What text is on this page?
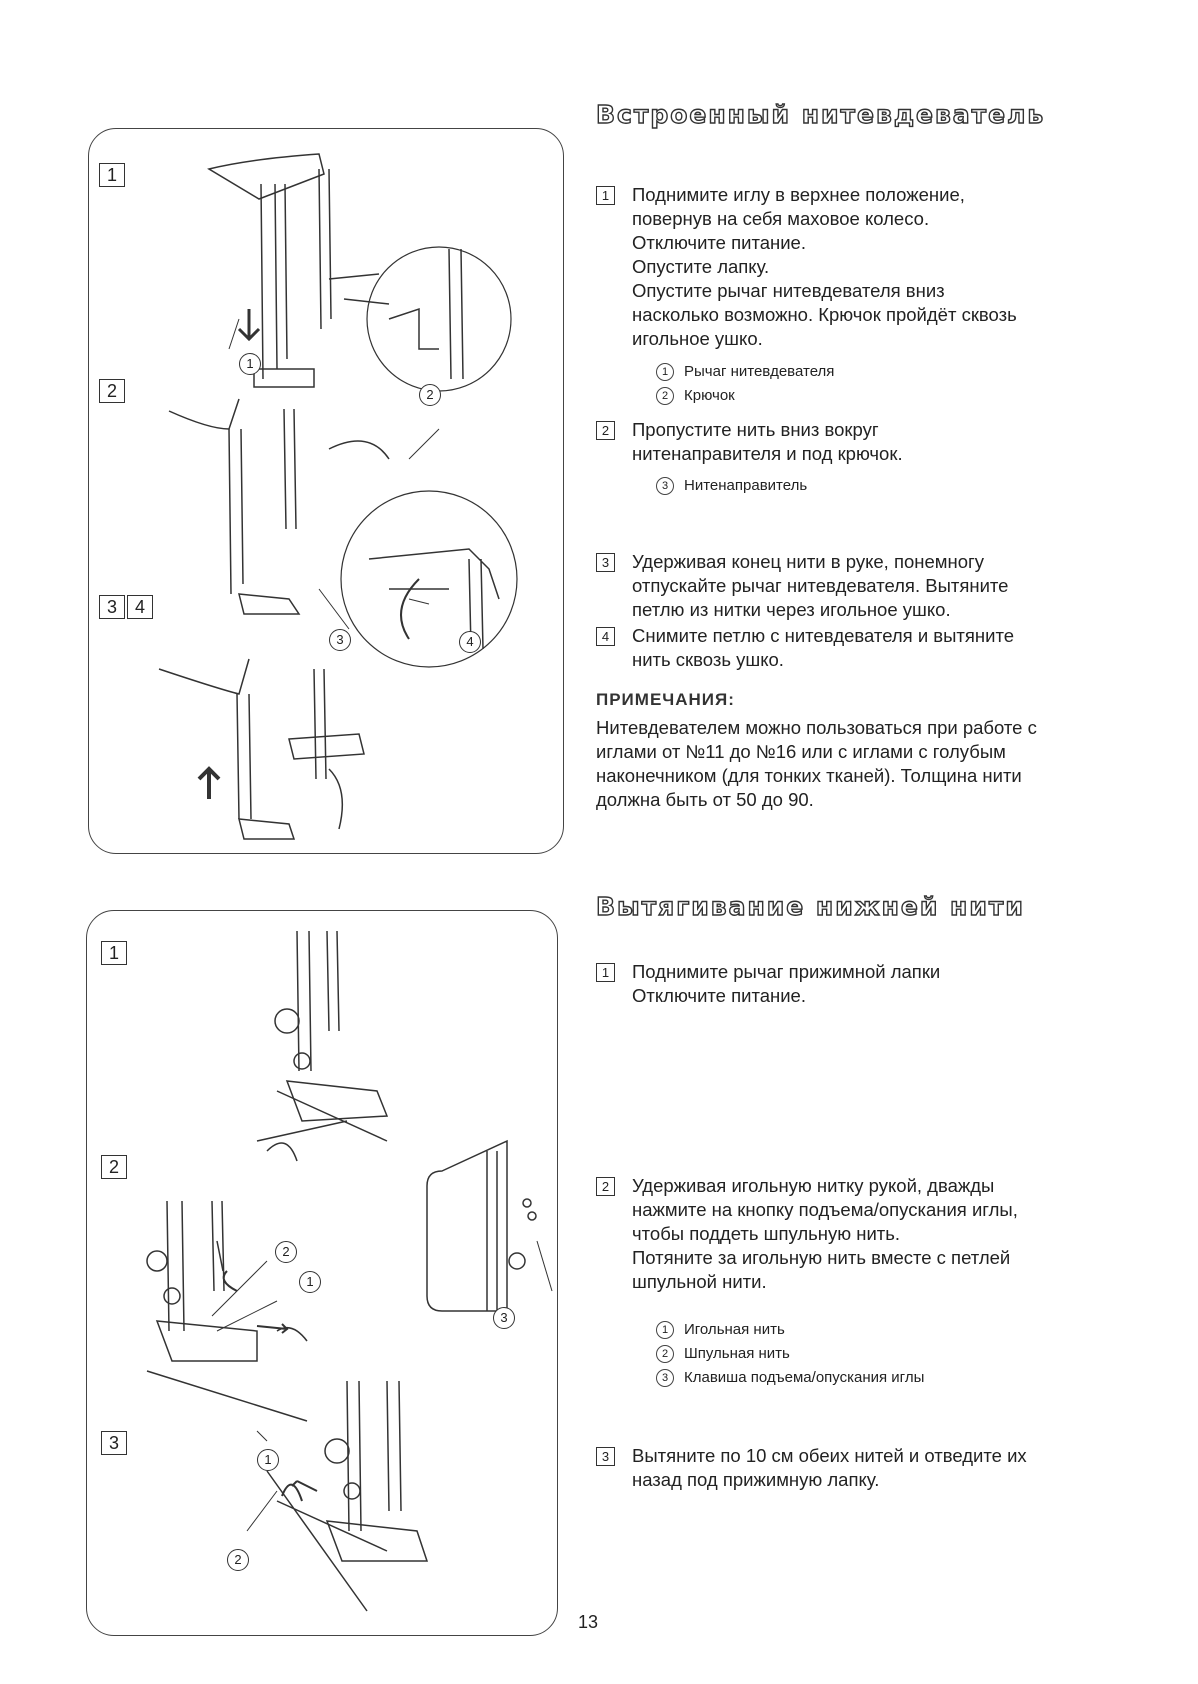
1
2
3 4
1
2
3	4
Встроенный нитевдеватель
1	Поднимите иглу в верхнее положение,
повернув на себя маховое колесо.
Отключите питание.
Опустите лапку.
Опустите рычаг нитевдевателя вниз
насколько возможно. Крючок пройдёт сквозь
игольное ушко.
1 Рычаг нитевдевателя
2 Крючок
2	Пропустите нить вниз вокруг
нитенаправителя и под крючок.
3 Нитенаправитель
3	Удерживая конец нити в руке, понемногу
отпускайте рычаг нитевдевателя. Вытяните
петлю из нитки через игольное ушко.
4	Снимите петлю с нитевдевателя и вытяните
нить сквозь ушко.
ПРИМЕЧАНИЯ:
Нитевдевателем можно пользоваться при работе с
иглами от №11 до №16 или с иглами с голубым
наконечником (для тонких тканей). Толщина нити
должна быть от 50 до 90.
1
2
3
2
1
3
1
2
Вытягивание нижней нити
1	Поднимите рычаг прижимной лапки
Отключите питание.
2	Удерживая игольную нитку рукой, дважды
нажмите на кнопку подъема/опускания иглы,
чтобы поддеть шпульную нить.
Потяните за игольную нить вместе с петлей
шпульной нити.
1 Игольная нить
2 Шпульная нить
3 Клавиша подъема/опускания иглы
3	Вытяните по 10 см обеих нитей и отведите их
назад под прижимную лапку.
13
